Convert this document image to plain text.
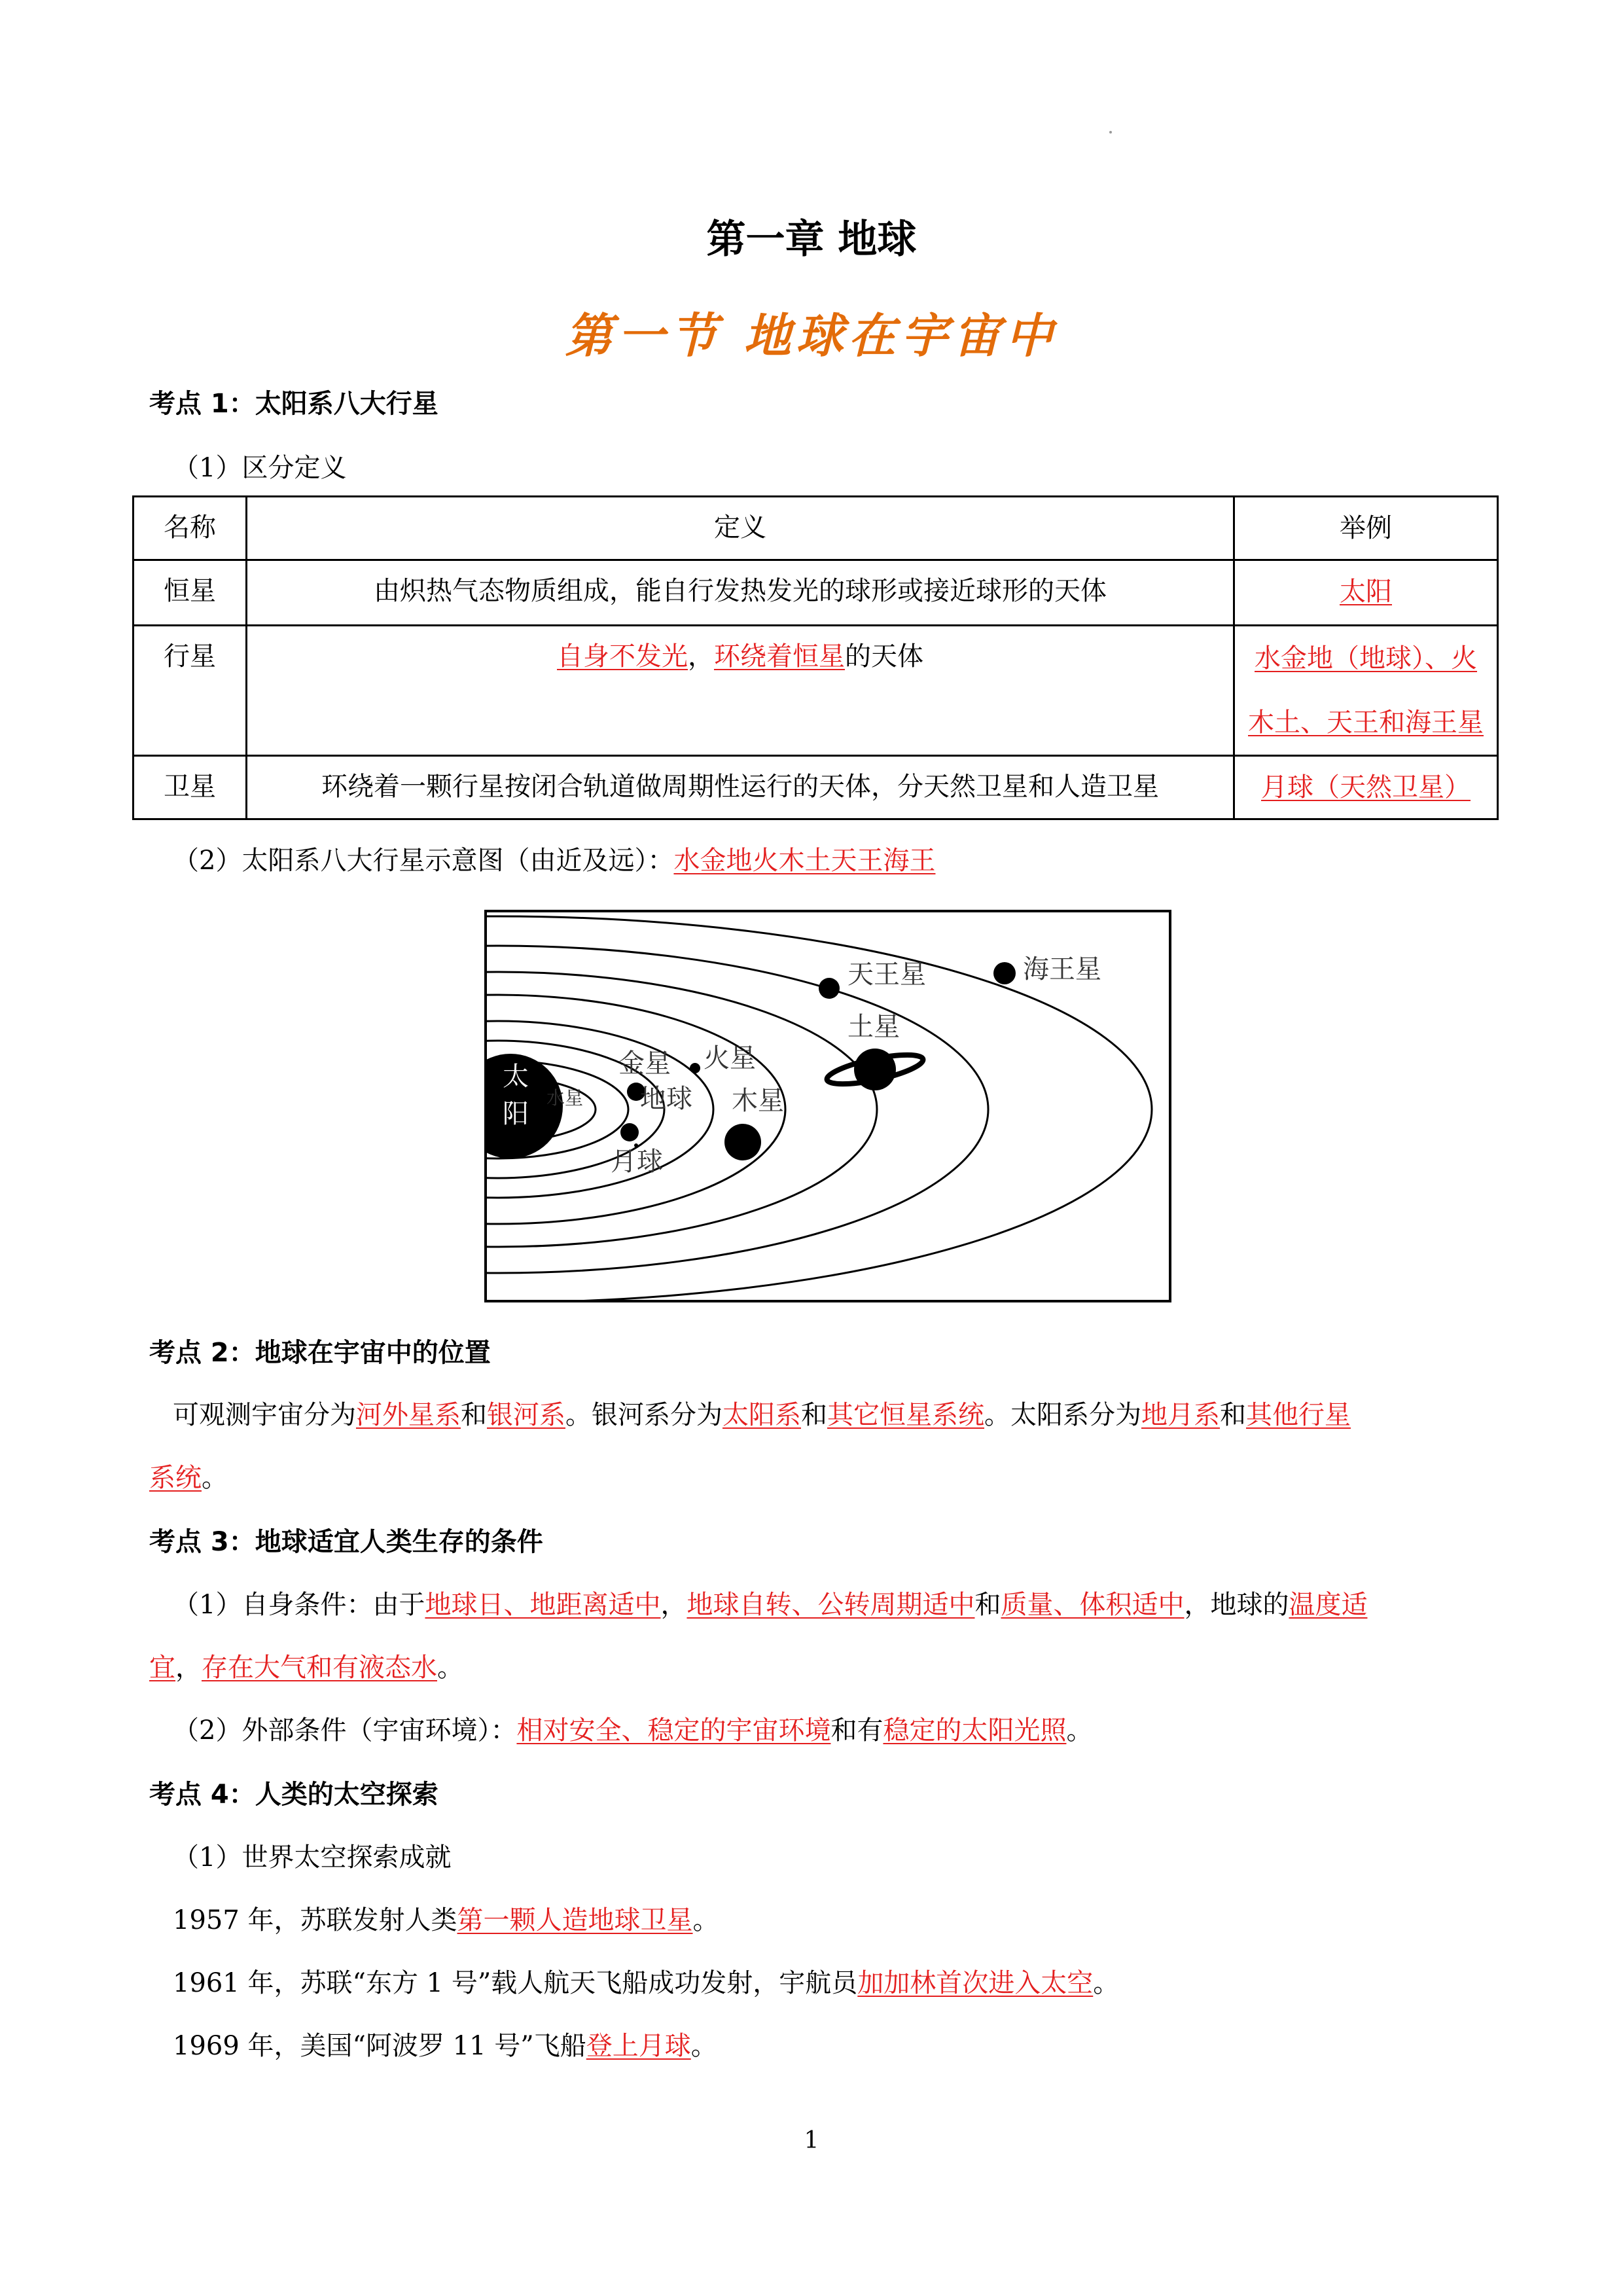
第一章 地球
第一节 地球在宇宙中
考点 1：太阳系八大行星
（1）区分定义
名称	定义	举例
恒星	由炽热气态物质组成，能自行发热发光的球形或接近球形的天体	太阳
行星	自身不发光，环绕着恒星的天体	水金地（地球）、火
木土、天王和海王星
卫星	环绕着一颗行星按闭合轨道做周期性运行的天体，分天然卫星和人造卫星	月球（天然卫星）
（2）太阳系八大行星示意图（由近及远）：水金地火木土天王海王
太
阳
水星
金星 火星
地球
月球
木星
土星
天王星	海王星
考点 2：地球在宇宙中的位置
可观测宇宙分为河外星系和银河系。银河系分为太阳系和其它恒星系统。太阳系分为地月系和其他行星
系统。
考点 3：地球适宜人类生存的条件
（1）自身条件：由于地球日、地距离适中，地球自转、公转周期适中和质量、体积适中，地球的温度适
宜，存在大气和有液态水。
（2）外部条件（宇宙环境）：相对安全、稳定的宇宙环境和有稳定的太阳光照。
考点 4：人类的太空探索
（1）世界太空探索成就
1957 年，苏联发射人类第一颗人造地球卫星。
1961 年，苏联“东方 1 号”载人航天飞船成功发射，宇航员加加林首次进入太空。
1969 年，美国“阿波罗 11 号”飞船登上月球。
1
